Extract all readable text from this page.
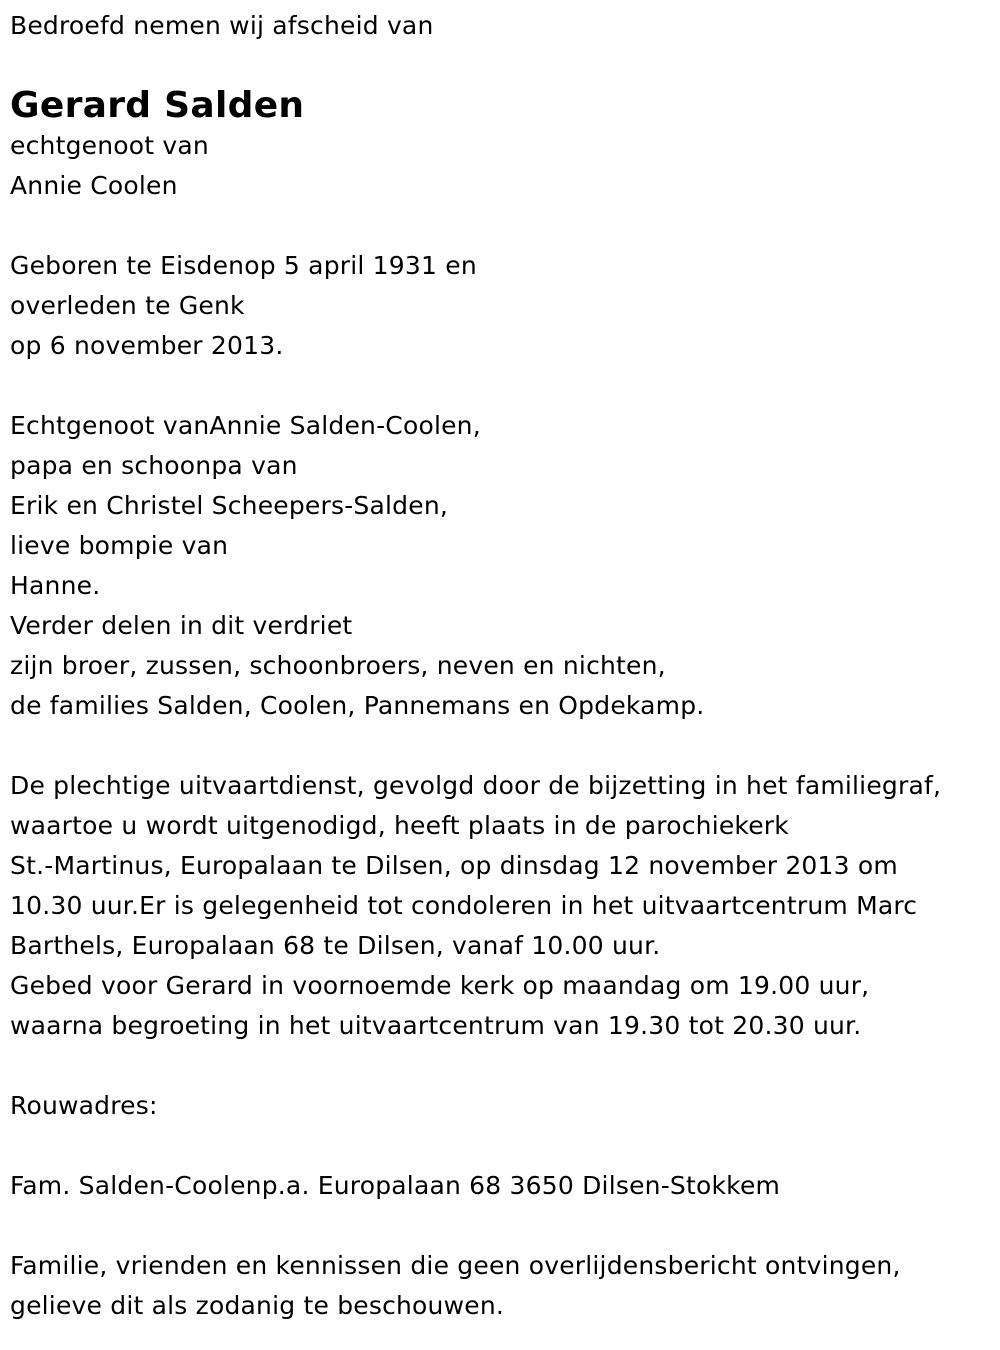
Bedroefd nemen wij afscheid van
Gerard Salden
echtgenoot van
Annie Coolen
Geboren te Eisdenop 5 april 1931 en
overleden te Genk
op 6 november 2013.
Echtgenoot vanAnnie Salden-Coolen,
papa en schoonpa van
Erik en Christel Scheepers-Salden,
lieve bompie van
Hanne.
Verder delen in dit verdriet
zijn broer, zussen, schoonbroers, neven en nichten,
de families Salden, Coolen, Pannemans en Opdekamp.
De plechtige uitvaartdienst, gevolgd door de bijzetting in het familiegraf,
waartoe u wordt uitgenodigd, heeft plaats in de parochiekerk
St.-Martinus, Europalaan te Dilsen, op dinsdag 12 november 2013 om
10.30 uur.Er is gelegenheid tot condoleren in het uitvaartcentrum Marc
Barthels, Europalaan 68 te Dilsen, vanaf 10.00 uur.
Gebed voor Gerard in voornoemde kerk op maandag om 19.00 uur,
waarna begroeting in het uitvaartcentrum van 19.30 tot 20.30 uur.
Rouwadres:
Fam. Salden-Coolenp.a. Europalaan 68 3650 Dilsen-Stokkem
Familie, vrienden en kennissen die geen overlijdensbericht ontvingen,
gelieve dit als zodanig te beschouwen.
